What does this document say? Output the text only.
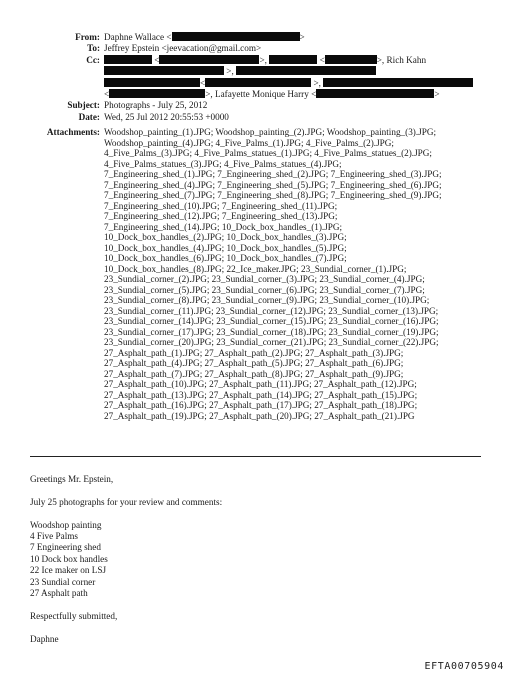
From: Daphne Wallace <	>
To: Jeffrey Epstein <jeevacation@gmail.com>
Cc:	<	>,	<	>, Rich Kahn
>,
<	>,
<	>, Lafayette Monique Harry <	>
Subject: Photographs - July 25, 2012
Date: Wed, 25 Jul 2012 20:55:53 +0000
Attachments: Woodshop_painting_(1).JPG; Woodshop_painting_(2).JPG; Woodshop_painting_(3).JPG;
Woodshop_painting_(4).JPG; 4_Five_Palms_(1).JPG; 4_Five_Palms_(2).JPG;
4_Five_Palms_(3).JPG; 4_Five_Palms_statues_(1).JPG; 4_Five_Palms_statues_(2).JPG;
4_Five_Palms_statues_(3).JPG; 4_Five_Palms_statues_(4).JPG;
7_Engineering_shed_(1).JPG; 7_Engineering_shed_(2).JPG; 7_Engineering_shed_(3).JPG;
7_Engineering_shed_(4).JPG; 7_Engineering_shed_(5).JPG; 7_Engineering_shed_(6).JPG;
7_Engineering_shed_(7).JPG; 7_Engineering_shed_(8).JPG; 7_Engineering_shed_(9).JPG;
7_Engineering_shed_(10).JPG; 7_Engineering_shed_(11).JPG;
7_Engineering_shed_(12).JPG; 7_Engineering_shed_(13).JPG;
7_Engineering_shed_(14).JPG; 10_Dock_box_handles_(1).JPG;
10_Dock_box_handles_(2).JPG; 10_Dock_box_handles_(3).JPG;
10_Dock_box_handles_(4).JPG; 10_Dock_box_handles_(5).JPG;
10_Dock_box_handles_(6).JPG; 10_Dock_box_handles_(7).JPG;
10_Dock_box_handles_(8).JPG; 22_Ice_maker.JPG; 23_Sundial_corner_(1).JPG;
23_Sundial_corner_(2).JPG; 23_Sundial_corner_(3).JPG; 23_Sundial_corner_(4).JPG;
23_Sundial_corner_(5).JPG; 23_Sundial_corner_(6).JPG; 23_Sundial_corner_(7).JPG;
23_Sundial_corner_(8).JPG; 23_Sundial_corner_(9).JPG; 23_Sundial_corner_(10).JPG;
23_Sundial_corner_(11).JPG; 23_Sundial_corner_(12).JPG; 23_Sundial_corner_(13).JPG;
23_Sundial_corner_(14).JPG; 23_Sundial_corner_(15).JPG; 23_Sundial_corner_(16).JPG;
23_Sundial_corner_(17).JPG; 23_Sundial_corner_(18).JPG; 23_Sundial_corner_(19).JPG;
23_Sundial_corner_(20).JPG; 23_Sundial_corner_(21).JPG; 23_Sundial_corner_(22).JPG;
27_Asphalt_path_(1).JPG; 27_Asphalt_path_(2).JPG; 27_Asphalt_path_(3).JPG;
27_Asphalt_path_(4).JPG; 27_Asphalt_path_(5).JPG; 27_Asphalt_path_(6).JPG;
27_Asphalt_path_(7).JPG; 27_Asphalt_path_(8).JPG; 27_Asphalt_path_(9).JPG;
27_Asphalt_path_(10).JPG; 27_Asphalt_path_(11).JPG; 27_Asphalt_path_(12).JPG;
27_Asphalt_path_(13).JPG; 27_Asphalt_path_(14).JPG; 27_Asphalt_path_(15).JPG;
27_Asphalt_path_(16).JPG; 27_Asphalt_path_(17).JPG; 27_Asphalt_path_(18).JPG;
27_Asphalt_path_(19).JPG; 27_Asphalt_path_(20).JPG; 27_Asphalt_path_(21).JPG

Greetings Mr. Epstein,

July 25 photographs for your review and comments:

Woodshop painting

4 Five Palms

7 Engineering shed

10 Dock box handles

22 Ice maker on LSJ

23 Sundial corner

27 Asphalt path

Respectfully submitted,

Daphne

EFTA00705904
